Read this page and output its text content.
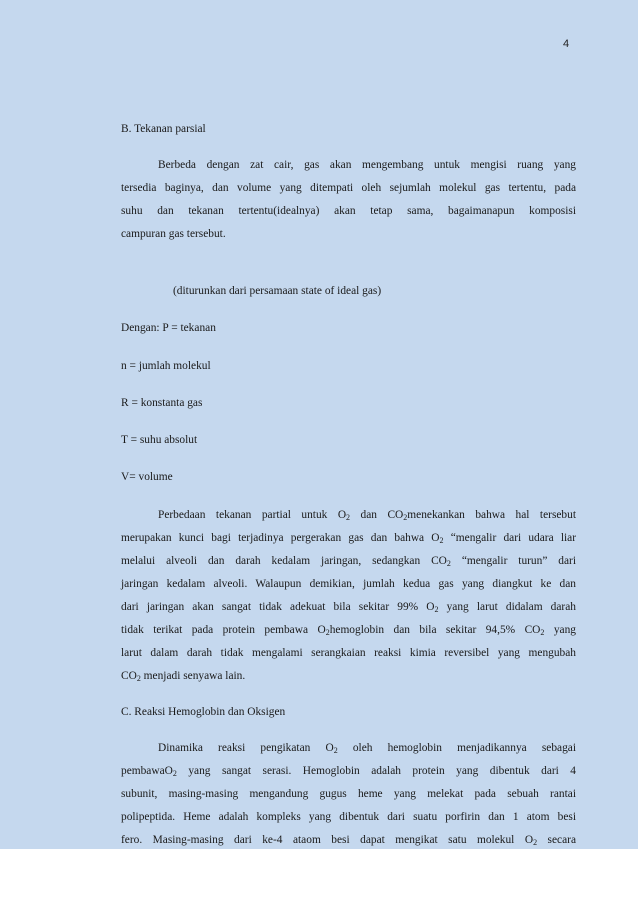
4
B. Tekanan parsial
Berbeda dengan zat cair, gas akan mengembang untuk mengisi ruang yang
tersedia baginya, dan volume yang ditempati oleh sejumlah molekul gas tertentu, pada
suhu dan tekanan tertentu(idealnya) akan tetap sama, bagaimanapun komposisi
campuran gas tersebut.
(diturunkan dari persamaan state of ideal gas)
Dengan: P = tekanan
n = jumlah molekul
R = konstanta gas
T = suhu absolut
V= volume
Perbedaan tekanan partial untuk $O_2$ dan $CO_2menekankan$ bahwa hal tersebut
merupakan kunci bagi terjadinya pergerakan gas dan bahwa $O_2$ “mengalir dari udara liar
melalui alveoli dan darah kedalam jaringan, sedangkan $CO_2$ “mengalir turun” dari
jaringan kedalam alveoli. Walaupun demikian, jumlah kedua gas yang diangkut ke dan
dari jaringan akan sangat tidak adekuat bila sekitar 99% $O_2$ yang larut didalam darah
tidak terikat pada protein pembawa $O_2hemoglobin$ dan bila sekitar 94,5% $CO_2$ yang
larut dalam darah tidak mengalami serangkaian reaksi kimia reversibel yang mengubah
$CO_2$ menjadi senyawa lain.
C. Reaksi Hemoglobin dan Oksigen
Dinamika reaksi pengikatan $O_2$ oleh hemoglobin menjadikannya sebagai
pembawaO$_2$ yang sangat serasi. Hemoglobin adalah protein yang dibentuk dari 4
subunit, masing-masing mengandung gugus heme yang melekat pada sebuah rantai
polipeptida. Heme adalah kompleks yang dibentuk dari suatu porfirin dan 1 atom besi
fero. Masing-masing dari ke-4 ataom besi dapat mengikat satu molekul $O_2$ secara
